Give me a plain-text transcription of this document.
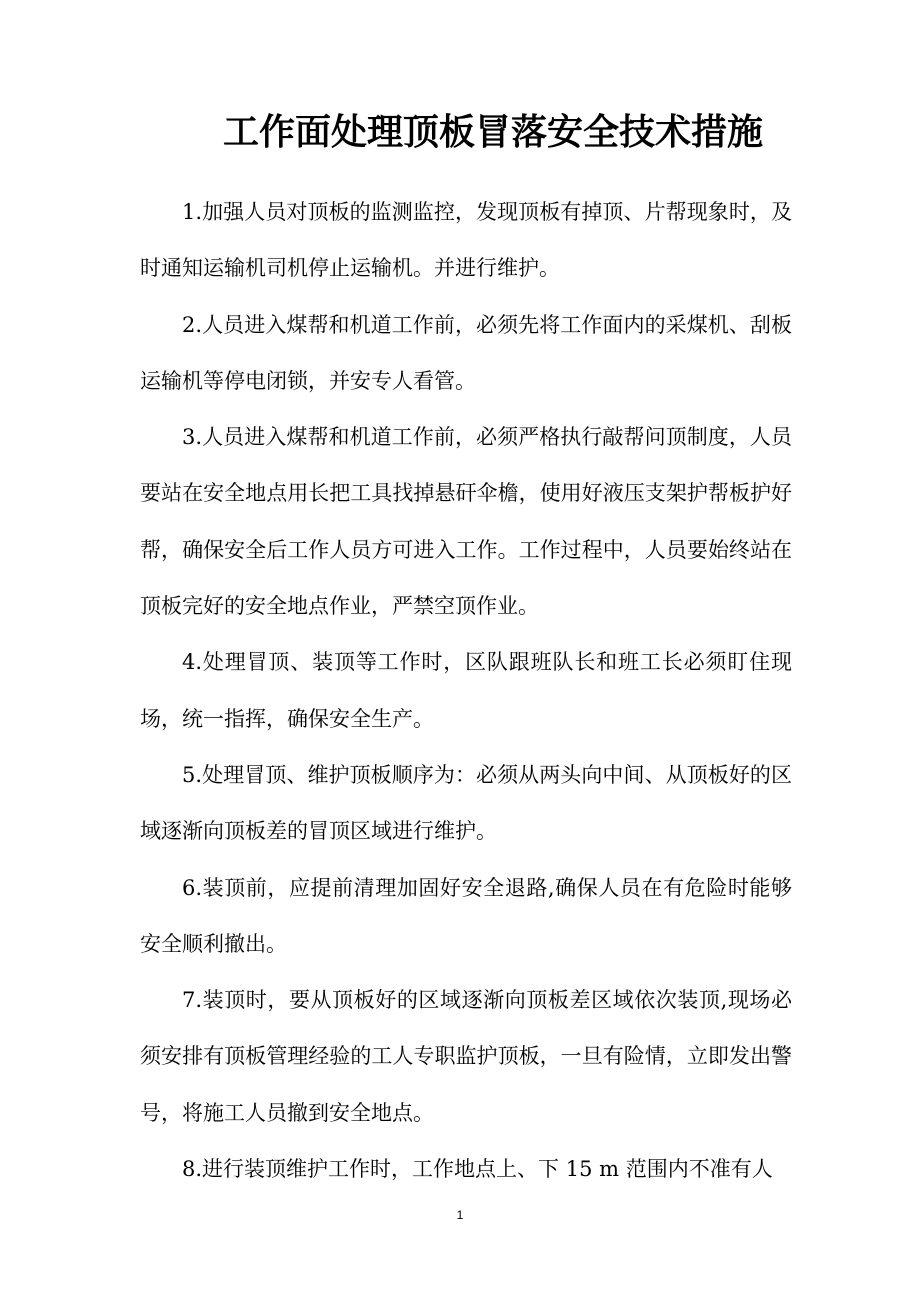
工作面处理顶板冒落安全技术措施

1.加强人员对顶板的监测监控，发现顶板有掉顶、片帮现象时，及时通知运输机司机停止运输机。并进行维护。

2.人员进入煤帮和机道工作前，必须先将工作面内的采煤机、刮板运输机等停电闭锁，并安专人看管。

3.人员进入煤帮和机道工作前，必须严格执行敲帮问顶制度，人员要站在安全地点用长把工具找掉悬矸伞檐，使用好液压支架护帮板护好帮，确保安全后工作人员方可进入工作。工作过程中，人员要始终站在顶板完好的安全地点作业，严禁空顶作业。

4.处理冒顶、装顶等工作时，区队跟班队长和班工长必须盯住现场，统一指挥，确保安全生产。

5.处理冒顶、维护顶板顺序为：必须从两头向中间、从顶板好的区域逐渐向顶板差的冒顶区域进行维护。

6.装顶前，应提前清理加固好安全退路,确保人员在有危险时能够安全顺利撤出。

7.装顶时，要从顶板好的区域逐渐向顶板差区域依次装顶,现场必须安排有顶板管理经验的工人专职监护顶板，一旦有险情，立即发出警号，将施工人员撤到安全地点。

8.进行装顶维护工作时，工作地点上、下 15 m 范围内不准有人

1
